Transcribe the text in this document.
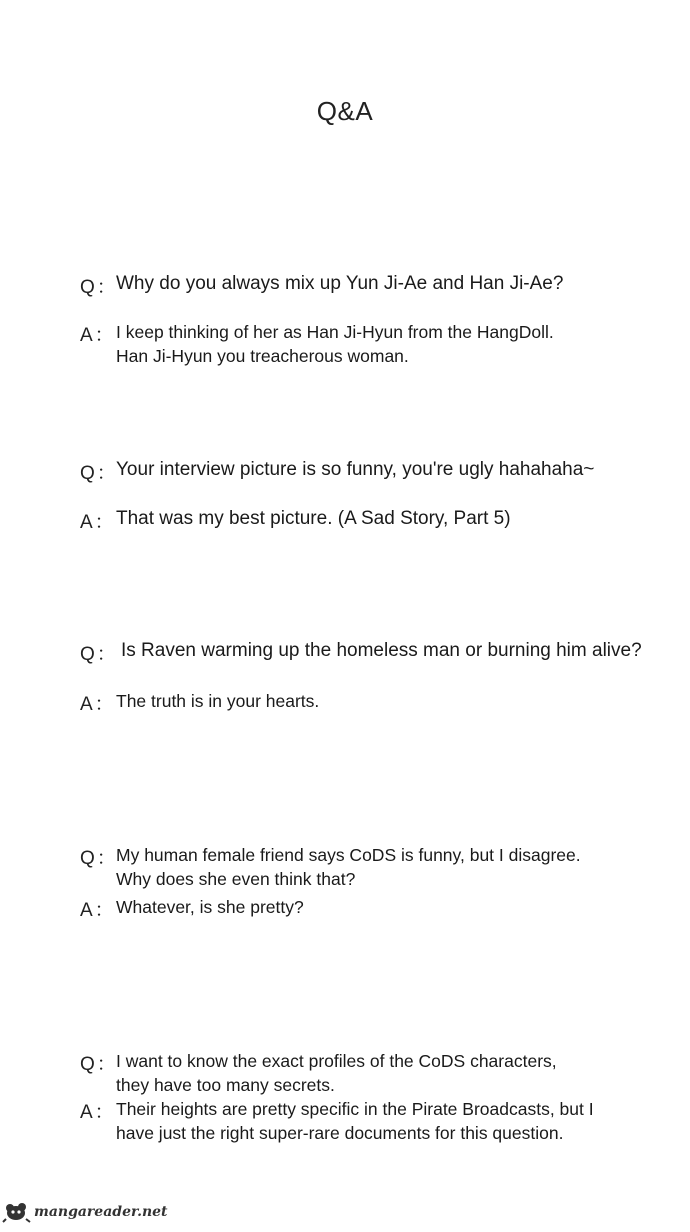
Q&A
Q：
Why do you always mix up Yun Ji-Ae and Han Ji-Ae?
A： I keep thinking of her as Han Ji-Hyun from the HangDoll.
Han Ji-Hyun you treacherous woman.
Q：
Your interview picture is so funny, you're ugly hahahaha~
A： That was my best picture. (A Sad Story, Part 5)
Q： Is Raven warming up the homeless man or burning him alive?
A： The truth is in your hearts.
Q：
My human female friend says CoDS is funny, but I disagree.
Why does she even think that?
A： Whatever, is she pretty?
Q：
I want to know the exact profiles of the CoDS characters,
they have too many secrets.
A： Their heights are pretty specific in the Pirate Broadcasts, but I
have just the right super-rare documents for this question.
mangareader.net
